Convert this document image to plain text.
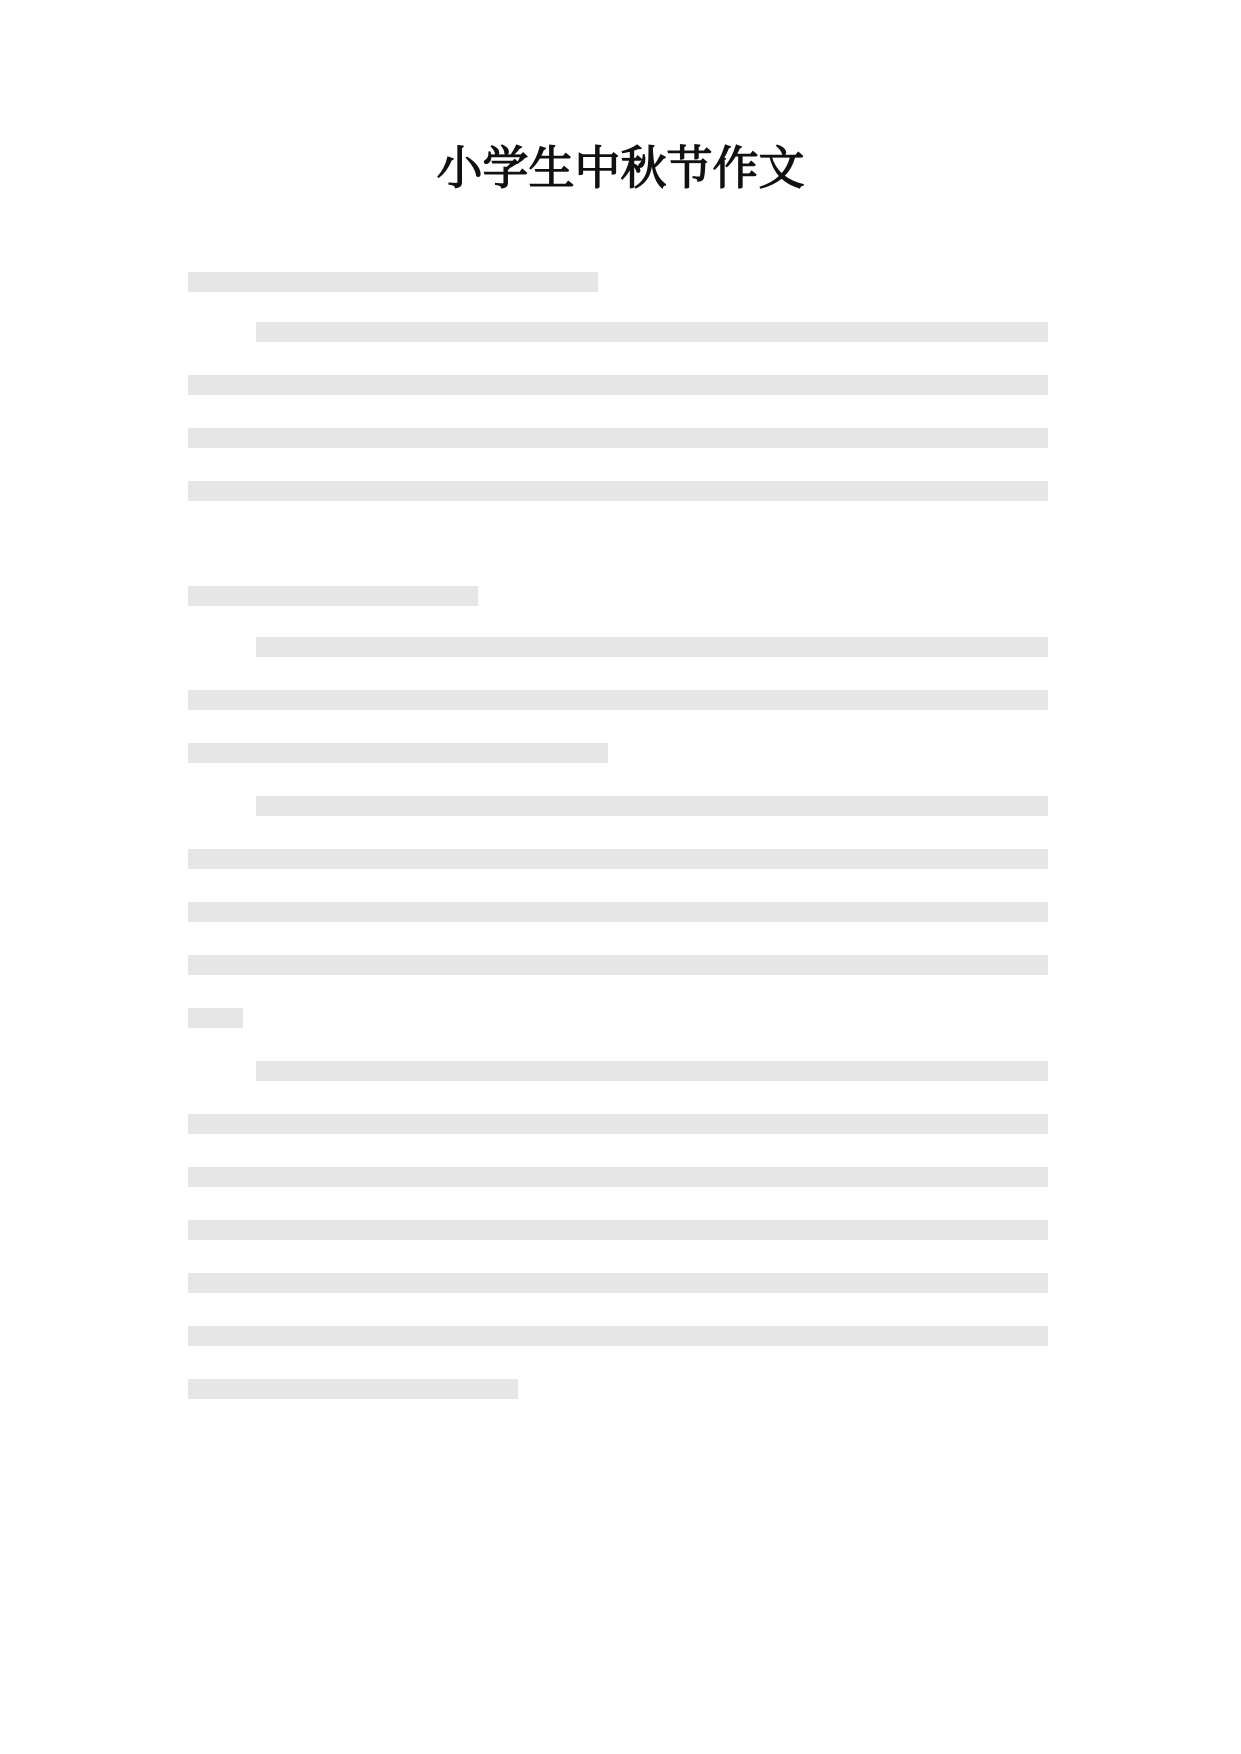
小学生中秋节作文
